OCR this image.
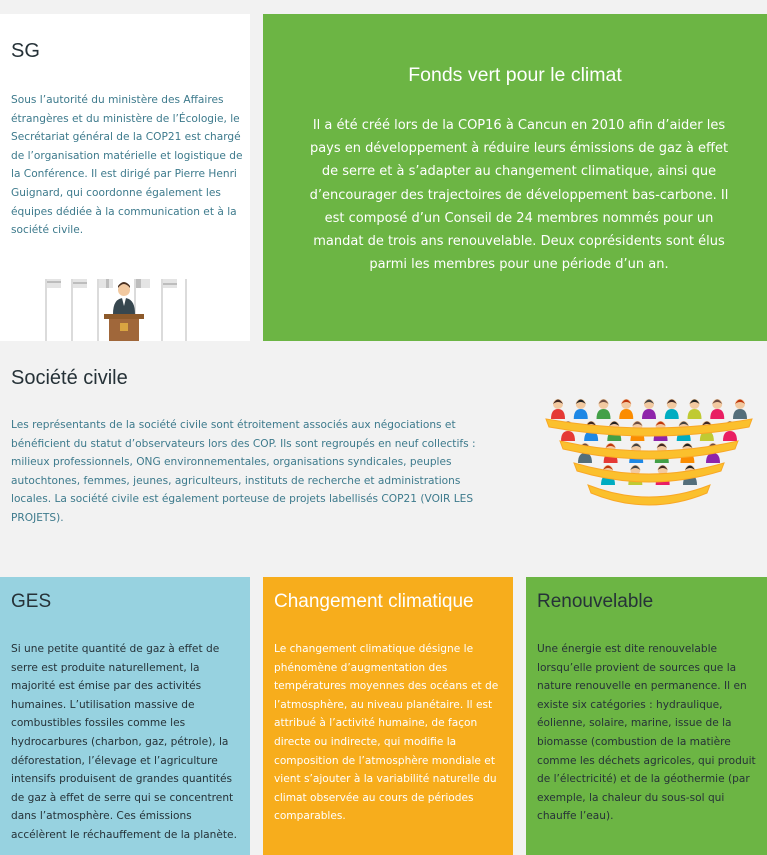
SG

Sous l’autorité du ministère des Affaires étrangères et du ministère de l’Écologie, le Secrétariat général de la COP21 est chargé de l’organisation matérielle et logistique de la Conférence. Il est dirigé par Pierre Henri Guignard, qui coordonne également les équipes dédiée à la communication et à la société civile.

Fonds vert pour le climat

Il a été créé lors de la COP16 à Cancun en 2010 afin d’aider les pays en développement à réduire leurs émissions de gaz à effet de serre et à s’adapter au changement climatique, ainsi que d’encourager des trajectoires de développement bas-carbone. Il est composé d’un Conseil de 24 membres nommés pour un mandat de trois ans renouvelable. Deux coprésidents sont élus parmi les membres pour une période d’un an.

Société civile

Les représentants de la société civile sont étroitement associés aux négociations et bénéficient du statut d’observateurs lors des COP. Ils sont regroupés en neuf collectifs : milieux professionnels, ONG environnementales, organisations syndicales, peuples autochtones, femmes, jeunes, agriculteurs, instituts de recherche et administrations locales. La société civile est également porteuse de projets labellisés COP21 (VOIR LES PROJETS).

GES

Si une petite quantité de gaz à effet de serre est produite naturellement, la majorité est émise par des activités humaines. L’utilisation massive de combustibles fossiles comme les hydrocarbures (charbon, gaz, pétrole), la déforestation, l’élevage et l’agriculture intensifs produisent de grandes quantités de gaz à effet de serre qui se concentrent dans l’atmosphère. Ces émissions accélèrent le réchauffement de la planète.

Changement climatique

Le changement climatique désigne le phénomène d’augmentation des températures moyennes des océans et de l’atmosphère, au niveau planétaire. Il est attribué à l’activité humaine, de façon directe ou indirecte, qui modifie la composition de l’atmosphère mondiale et vient s’ajouter à la variabilité naturelle du climat observée au cours de périodes comparables.

Renouvelable

Une énergie est dite renouvelable lorsqu’elle provient de sources que la nature renouvelle en permanence. Il en existe six catégories : hydraulique, éolienne, solaire, marine, issue de la biomasse (combustion de la matière comme les déchets agricoles, qui produit de l’électricité) et de la géothermie (par exemple, la chaleur du sous-sol qui chauffe l’eau).
